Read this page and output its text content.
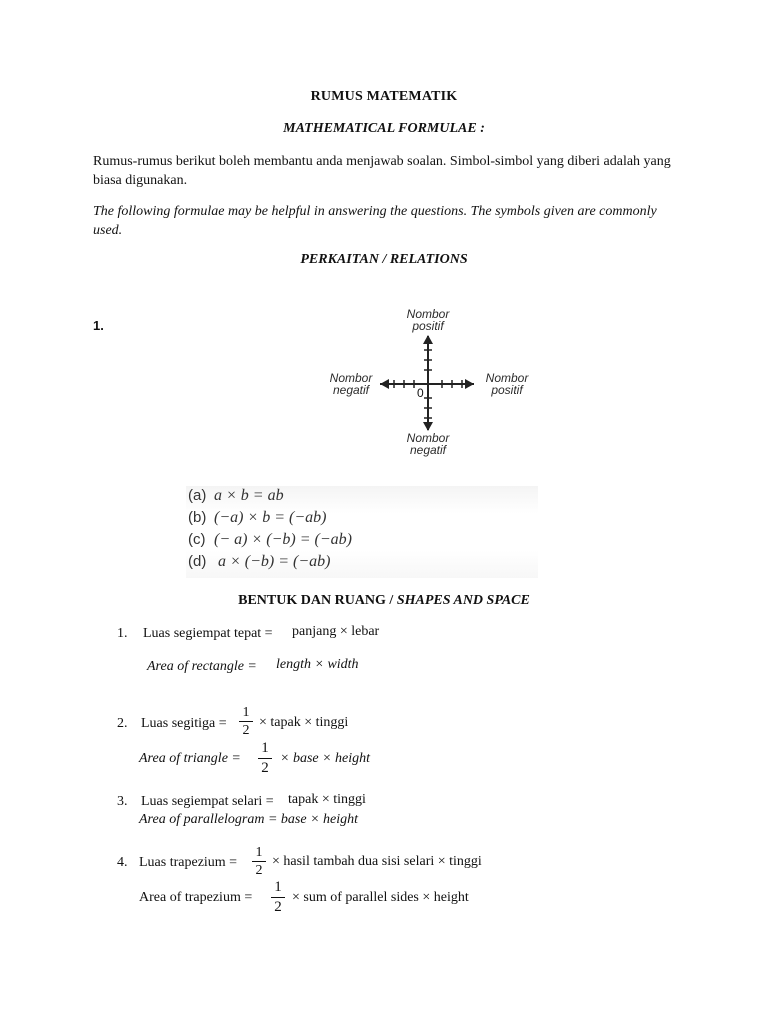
RUMUS MATEMATIK
MATHEMATICAL FORMULAE :
Rumus-rumus berikut boleh membantu anda menjawab soalan. Simbol-simbol yang diberi adalah yang biasa digunakan.
The following formulae may be helpful in answering the questions. The symbols given are commonly used.
PERKAITAN / RELATIONS
1.
Nombor
positif
Nombor
negatif
Nombor
positif
Nombor
negatif
0
(a) a × b = ab
(b) (−a) × b = (−ab)
(c) (− a) × (−b) = (−ab)
(d) a × (−b) = (−ab)
BENTUK DAN RUANG / SHAPES AND SPACE
1. Luas segiempat tepat = panjang × lebar
Area of rectangle = length × width
2. Luas segitiga =
1
2
× tapak × tinggi
Area of triangle =
1
2
× base × height
3. Luas segiempat selari = tapak × tinggi
Area of parallelogram = base × height
4. Luas trapezium =
1
2
× hasil tambah dua sisi selari × tinggi
Area of trapezium =
1
2
× sum of parallel sides × height
